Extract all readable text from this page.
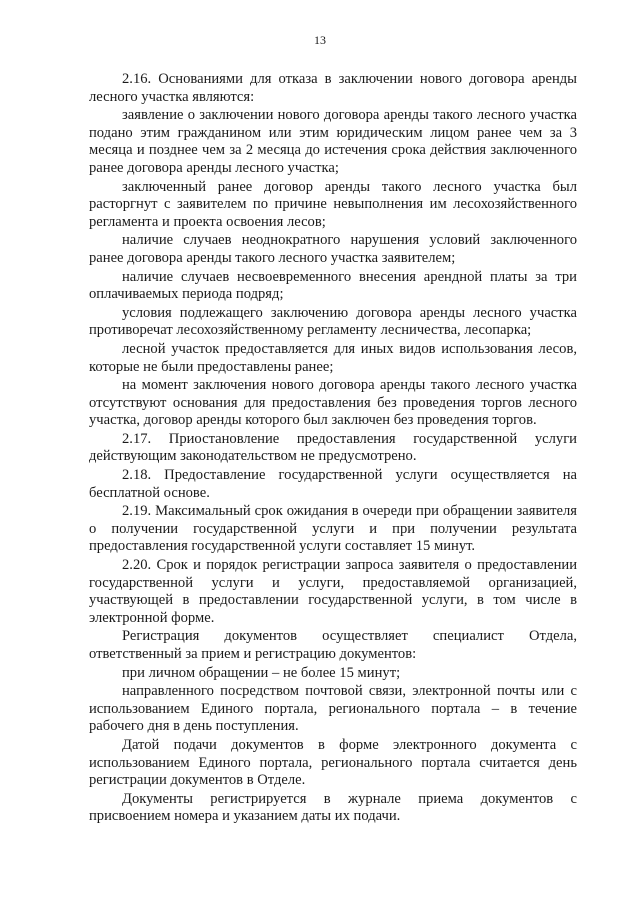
13

2.16. Основаниями для отказа в заключении нового договора аренды лесного участка являются:

заявление о заключении нового договора аренды такого лесного участка подано этим гражданином или этим юридическим лицом ранее чем за 3 месяца и позднее чем за 2 месяца до истечения срока действия заключенного ранее договора аренды лесного участка;

заключенный ранее договор аренды такого лесного участка был расторгнут с заявителем по причине невыполнения им лесохозяйственного регламента и проекта освоения лесов;

наличие случаев неоднократного нарушения условий заключенного ранее договора аренды такого лесного участка заявителем;

наличие случаев несвоевременного внесения арендной платы за три оплачиваемых периода подряд;

условия подлежащего заключению договора аренды лесного участка противоречат лесохозяйственному регламенту лесничества, лесопарка;

лесной участок предоставляется для иных видов использования лесов, которые не были предоставлены ранее;

на момент заключения нового договора аренды такого лесного участка отсутствуют основания для предоставления без проведения торгов лесного участка, договор аренды которого был заключен без проведения торгов.

2.17. Приостановление предоставления государственной услуги действующим законодательством не предусмотрено.

2.18. Предоставление государственной услуги осуществляется на бесплатной основе.

2.19. Максимальный срок ожидания в очереди при обращении заявителя о получении государственной услуги и при получении результата предоставления государственной услуги составляет 15 минут.

2.20. Срок и порядок регистрации запроса заявителя о предоставлении государственной услуги и услуги, предоставляемой организацией, участвующей в предоставлении государственной услуги, в том числе в электронной форме.

Регистрация документов осуществляет специалист Отдела, ответственный за прием и регистрацию документов:

при личном обращении – не более 15 минут;

направленного посредством почтовой связи, электронной почты или с использованием Единого портала, регионального портала – в течение рабочего дня в день поступления.

Датой подачи документов в форме электронного документа с использованием Единого портала, регионального портала считается день регистрации документов в Отделе.

Документы регистрируется в журнале приема документов с присвоением номера и указанием даты их подачи.
